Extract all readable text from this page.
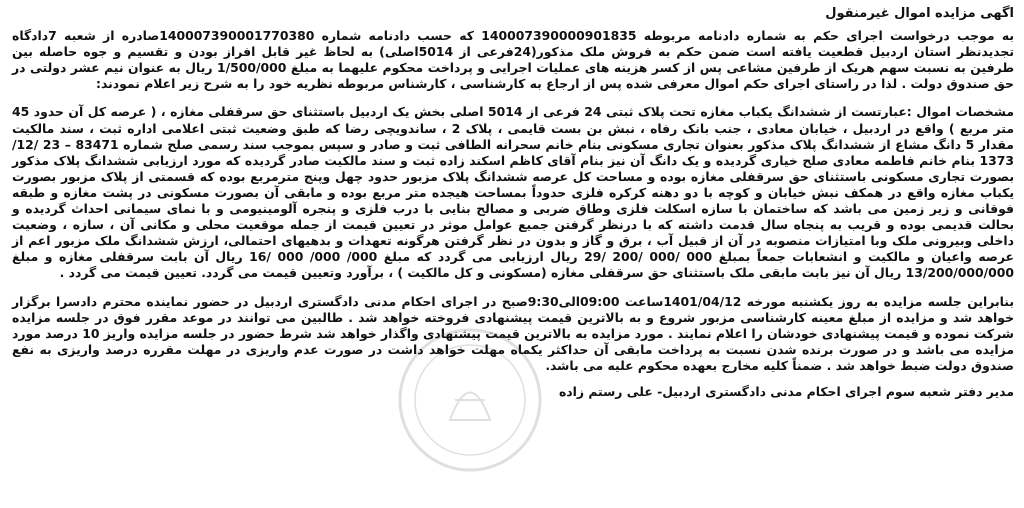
اگهی مزایده اموال غیرمنقول

به موجب درخواست اجرای حکم به شماره دادنامه مربوطه 140007390000901835 که حسب دادنامه شماره 140007390001770380صادره از شعبه 7دادگاه تجدیدنظر استان اردبیل قطعیت یافته است ضمن حکم به فروش ملک مذکور(24فرعی از 5014اصلی) به لحاظ غیر قابل افراز بودن و تقسیم و جوه حاصله بین طرفین به نسبت سهم هریک از طرفین مشاعی پس از کسر هزینه های عملیات اجرایی و پرداخت محکوم علیهما به مبلغ 1/500/000 ریال به عنوان نیم عشر دولتی در حق صندوق دولت . لذا در راستای اجرای حکم اموال معرفی شده پس از ارجاع به کارشناسی ، کارشناس مربوطه نظریه خود را به شرح زیر اعلام نمودند:

مشخصات اموال :عبارتست از ششدانگ یکباب مغازه تحت پلاک ثبتی 24 فرعی از 5014 اصلی بخش یک اردبیل باستثنای حق سرقفلی مغازه ، ( عرصه کل آن حدود 45 متر مربع ) واقع در اردبیل ، خیابان معادی ، جنب بانک رفاه ، نبش بن بست قایمی ، پلاک 2 ، ساندویچی رضا که طبق وضعیت ثبتی اعلامی اداره ثبت ، سند مالکیت مقدار 5 دانگ مشاع از ششدانگ پلاک مذکور بعنوان تجاری مسکونی بنام خانم سحرانه الطافی ثبت و صادر و سپس بموجب سند رسمی صلح شماره 83471 – 23 /12/ 1373 بنام خانم فاطمه معادی صلح خیاری گردیده و یک دانگ آن نیز بنام آقای کاظم اسکند زاده ثبت و سند مالکیت صادر گردیده که مورد ارزیابی ششدانگ پلاک مذکور بصورت تجاری مسکونی باستثنای حق سرقفلی مغازه بوده و مساحت کل عرصه ششدانگ پلاک مزبور حدود چهل وپنج مترمربع بوده که قسمتی از پلاک مزبور بصورت یکباب مغازه واقع در همکف نبش خیابان و کوچه با دو دهنه کرکره فلزی حدوداً بمساحت هیجده متر مربع بوده و مابقی آن بصورت مسکونی در پشت مغازه و طبقه فوقانی و زیر زمین می باشد که ساختمان با سازه اسکلت فلزی وطاق ضربی و مصالح بنایی با درب فلزی و پنجره آلومینیومی و با نمای سیمانی احداث گردیده و بحالت قدیمی بوده و قریب به پنجاه سال قدمت داشته که با درنظر گرفتن جمیع عوامل موثر در تعیین قیمت از جمله موقعیت محلی و مکانی آن ، سازه ، وضعیت داخلی وبیرونی ملک وبا امتیازات منصوبه در آن از قبیل آب ، برق و گاز و بدون در نظر گرفتن هرگونه تعهدات و بدهیهای احتمالی، ارزش ششدانگ ملک مزبور اعم از عرصه واعیان و مالکیت و انشعابات جمعاً بمبلغ 000 /000 /200 /29 ریال ارزیابی می گردد که مبلغ 000/ 000/ 000 /16 ریال آن بابت سرقفلی مغازه و مبلغ 13/200/000/000 ریال آن نیز بابت مابقی ملک باستثنای حق سرقفلی مغازه (مسکونی و کل مالکیت ) ، برآورد وتعیین قیمت می گردد. تعیین قیمت می گردد .

بنابراین جلسه مزایده به روز یکشنبه مورخه 1401/04/12ساعت 09:00الی9:30صبح در اجرای احکام مدنی دادگستری اردبیل در حضور نماینده محترم دادسرا برگزار خواهد شد و مزایده از مبلغ معینه کارشناسی مزبور شروع و به بالاترین قیمت پیشنهادی فروخته خواهد شد . طالبین می توانند در موعد مقرر فوق در جلسه مزایده شرکت نموده و قیمت پیشنهادی خودشان را اعلام نمایند . مورد مزایده به بالاترین قیمت پیشنهادی واگذار خواهد شد شرط حضور در جلسه مزایده واریز 10 درصد مورد مزایده می باشد و در صورت برنده شدن نسبت به پرداخت مابقی آن حداکثر یکماه مهلت خواهد داشت در صورت عدم واریزی در مهلت مقرره درصد واریزی به نفع صندوق دولت ضبط خواهد شد . ضمناً کلیه مخارج بعهده محکوم علیه می باشد.

مدیر دفتر شعبه سوم اجرای احکام مدنی دادگستری اردبیل- علی رستم زاده
